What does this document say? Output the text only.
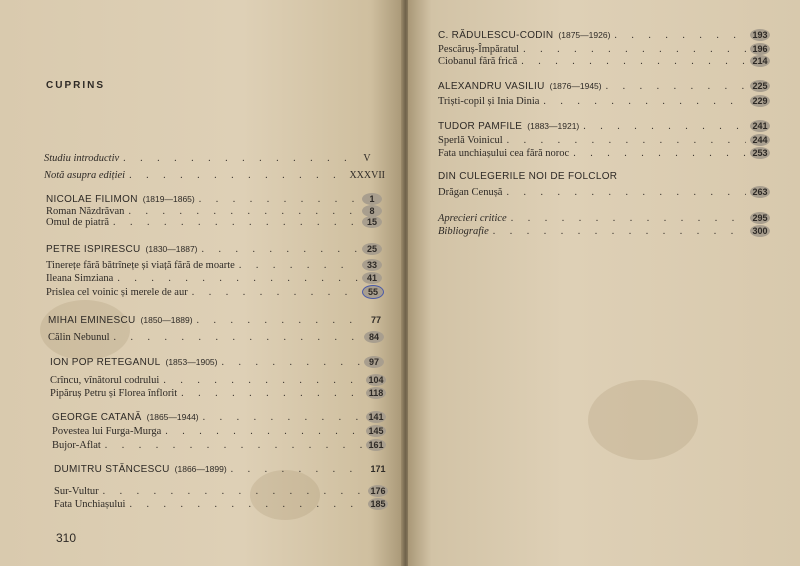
CUPRINS
Studiu introductiv . . .	V
Notă asupra ediției . . .	XXXVII
NICOLAE FILIMON (1819—1865) . . .	1
Roman Năzdrăvan . . .	8
Omul de piatră . . .	15
PETRE ISPIRESCU (1830—1887) . . .	25
Tinerețe fără bătrînețe și viață fără de moarte . . .	33
Ileana Simziana . . .	41
Prislea cel voinic și merele de aur . . .	55
MIHAI EMINESCU (1850—1889) . . .	77
Călin Nebunul . . .	84
ION POP RETEGANUL (1853—1905) . . .	97
Crîncu, vînătorul codrului . . .	104
Pipăruș Petru și Florea înflorit . . .	118
GEORGE CATANĂ (1865—1944) . . .	141
Povestea lui Furga-Murga . . .	145
Bujor-Aflat . . .	161
DUMITRU STĂNCESCU (1866—1899) . . .	171
Sur-Vultur . . .	176
Fata Unchiașului . . .	185
310
C. RĂDULESCU-CODIN (1875—1926) . . .	193
Pescăruș-Împăratul . . .	196
Ciobanul fără frică . . .	214
ALEXANDRU VASILIU (1876—1945) . . .	225
Triști-copil și Inia Dinia . . .	229
TUDOR PAMFILE (1883—1921) . . .	241
Sperlă Voinicul . . .	244
Fata unchiașului cea fără noroc . . .	253
DIN CULEGERILE NOI DE FOLCLOR
Drăgan Cenușă . . .	263
Aprecieri critice . . .	295
Bibliografie . . .	300
